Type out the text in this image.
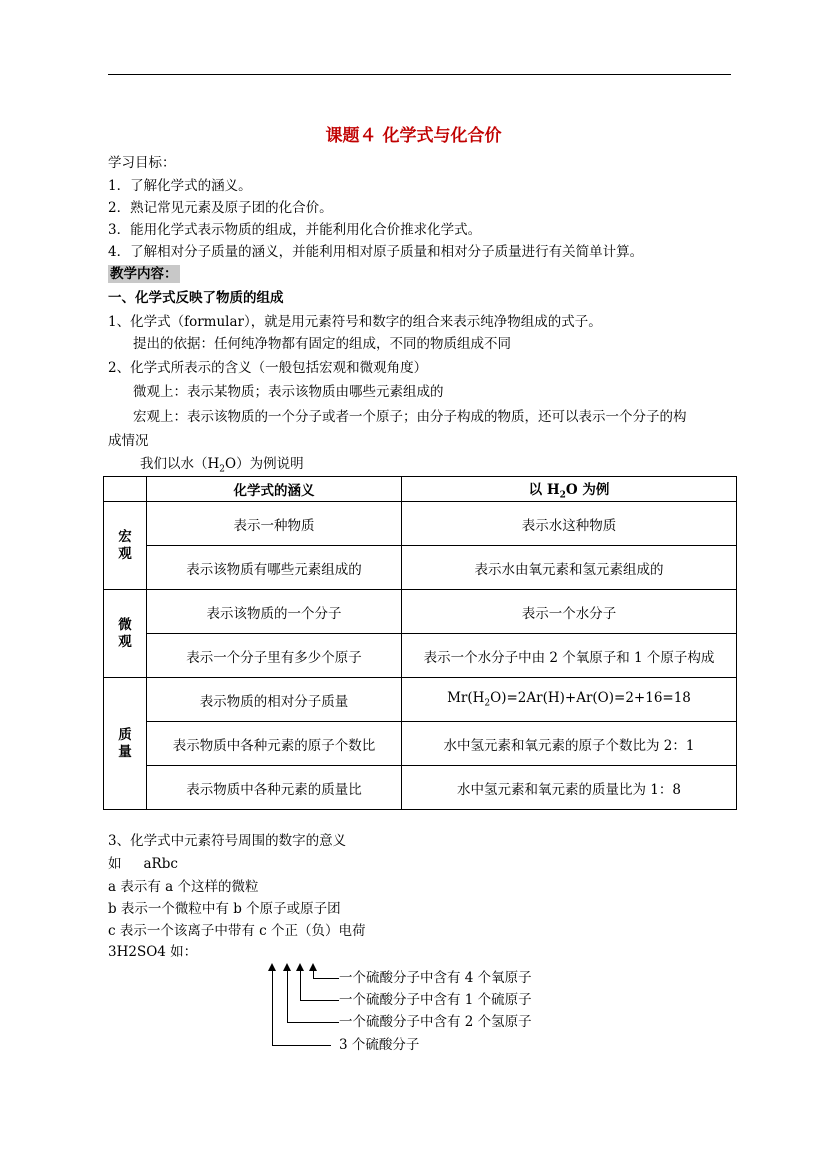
课题４ 化学式与化合价
学习目标：
1．了解化学式的涵义。
2．熟记常见元素及原子团的化合价。
3．能用化学式表示物质的组成，并能利用化合价推求化学式。
4．了解相对分子质量的涵义，并能利用相对原子质量和相对分子质量进行有关简单计算。
教学内容：
一、化学式反映了物质的组成
1、化学式（formular），就是用元素符号和数字的组合来表示纯净物组成的式子。
提出的依据：任何纯净物都有固定的组成，不同的物质组成不同
2、化学式所表示的含义（一般包括宏观和微观角度）
微观上：表示某物质；表示该物质由哪些元素组成的
宏观上：表示该物质的一个分子或者一个原子；由分子构成的物质，还可以表示一个分子的构
成情况
我们以水$(H_2O)$为例说明
	化学式的涵义	以 $H_2O$ 为例
宏
观	表示一种物质	表示水这种物质
	表示该物质有哪些元素组成的	表示水由氧元素和氢元素组成的
微
观	表示该物质的一个分子	表示一个水分子
	表示一个分子里有多少个原子	表示一个水分子中由 2 个氧原子和 1 个原子构成
质
量	表示物质的相对分子质量	$Mr(H_2O)=2Ar(H)+Ar(O)=2+16=18$
	表示物质中各种元素的原子个数比	水中氢元素和氧元素的原子个数比为 2：1
	表示物质中各种元素的质量比	水中氢元素和氧元素的质量比为 1：8
3、化学式中元素符号周围的数字的意义
如 aRbc
a 表示有 a 个这样的微粒
b 表示一个微粒中有 b 个原子或原子团
c 表示一个该离子中带有 c 个正（负）电荷
3H2SO4 如：
一个硫酸分子中含有 4 个氧原子
一个硫酸分子中含有 1 个硫原子
一个硫酸分子中含有 2 个氢原子
3 个硫酸分子
